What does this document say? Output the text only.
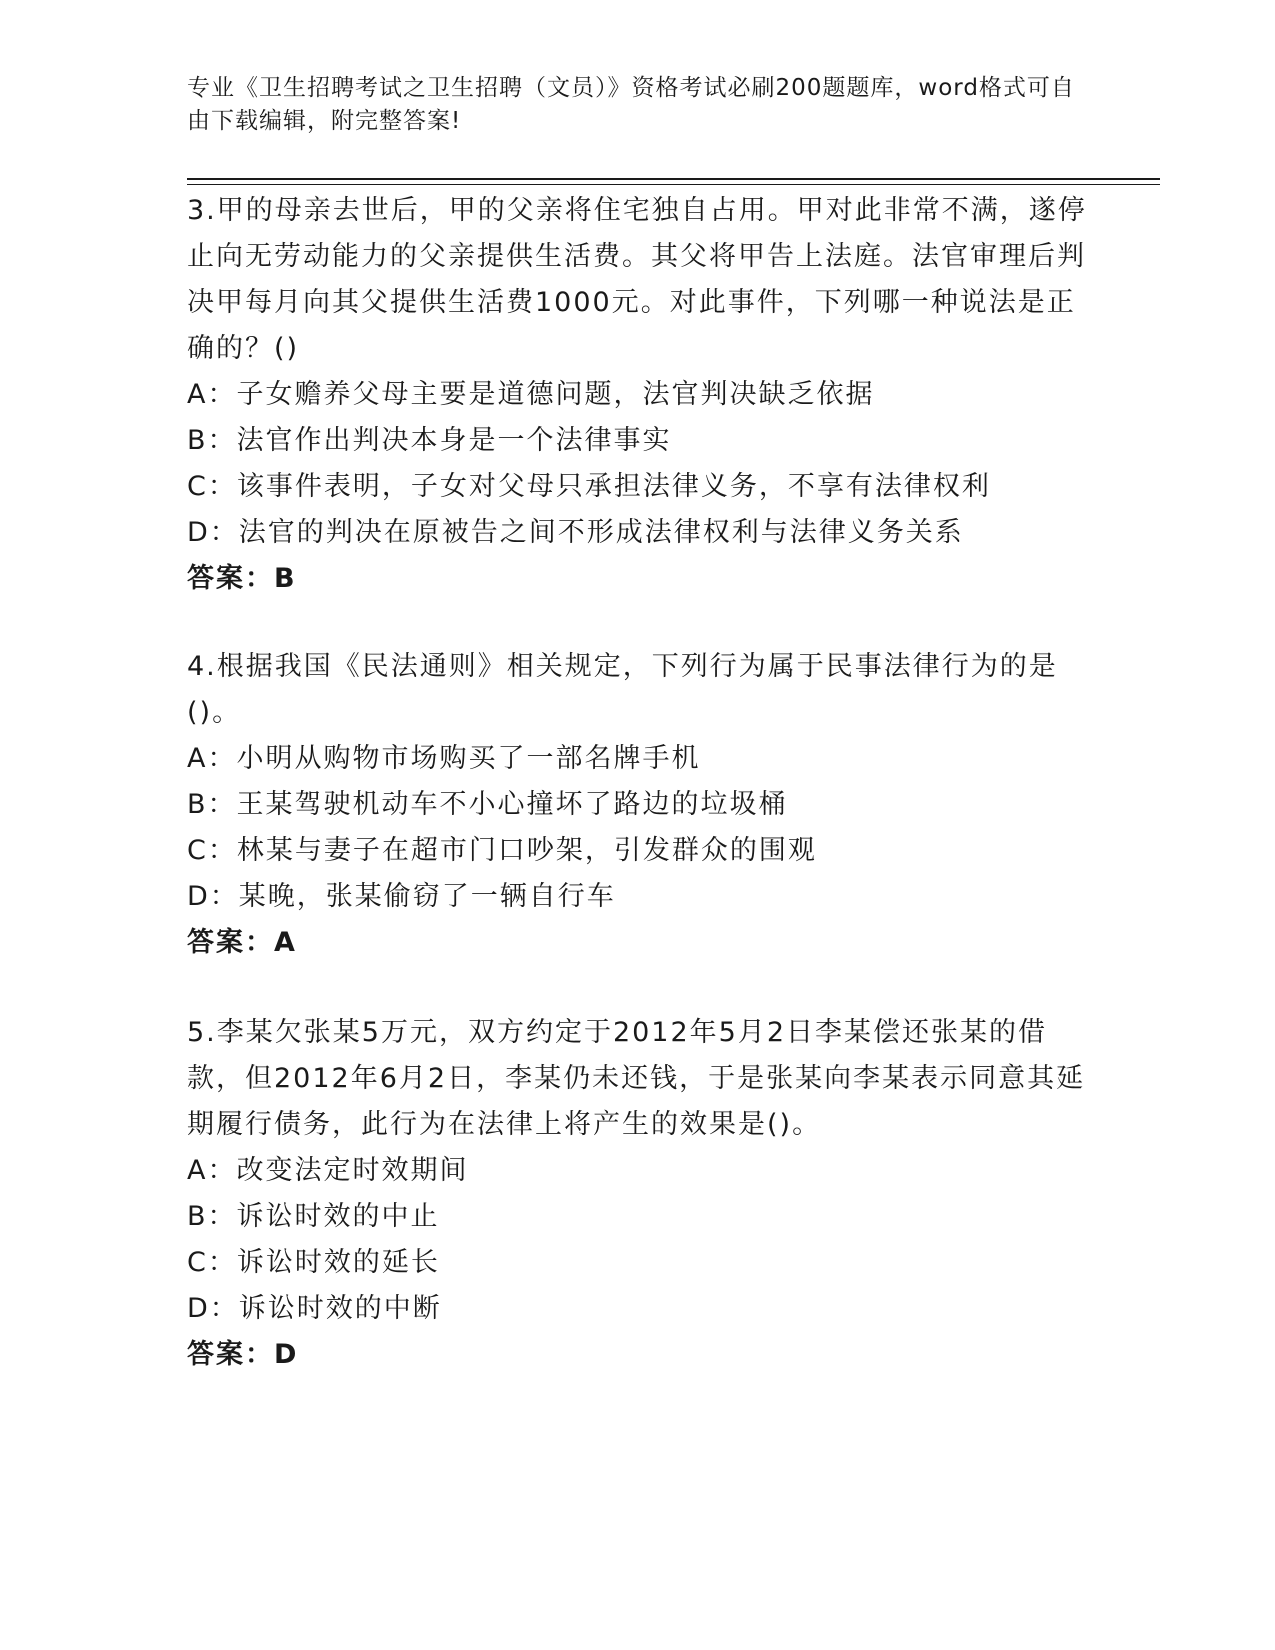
专业《卫生招聘考试之卫生招聘（文员）》资格考试必刷200题题库，word格式可自由下载编辑，附完整答案!
3.甲的母亲去世后，甲的父亲将住宅独自占用。甲对此非常不满，遂停止向无劳动能力的父亲提供生活费。其父将甲告上法庭。法官审理后判决甲每月向其父提供生活费1000元。对此事件，下列哪一种说法是正确的？()
A：子女赡养父母主要是道德问题，法官判决缺乏依据
B：法官作出判决本身是一个法律事实
C：该事件表明，子女对父母只承担法律义务，不享有法律权利
D：法官的判决在原被告之间不形成法律权利与法律义务关系
答案：B
4.根据我国《民法通则》相关规定，下列行为属于民事法律行为的是()。
A：小明从购物市场购买了一部名牌手机
B：王某驾驶机动车不小心撞坏了路边的垃圾桶
C：林某与妻子在超市门口吵架，引发群众的围观
D：某晚，张某偷窃了一辆自行车
答案：A
5.李某欠张某5万元，双方约定于2012年5月2日李某偿还张某的借款，但2012年6月2日，李某仍未还钱，于是张某向李某表示同意其延期履行债务，此行为在法律上将产生的效果是()。
A：改变法定时效期间
B：诉讼时效的中止
C：诉讼时效的延长
D：诉讼时效的中断
答案：D
